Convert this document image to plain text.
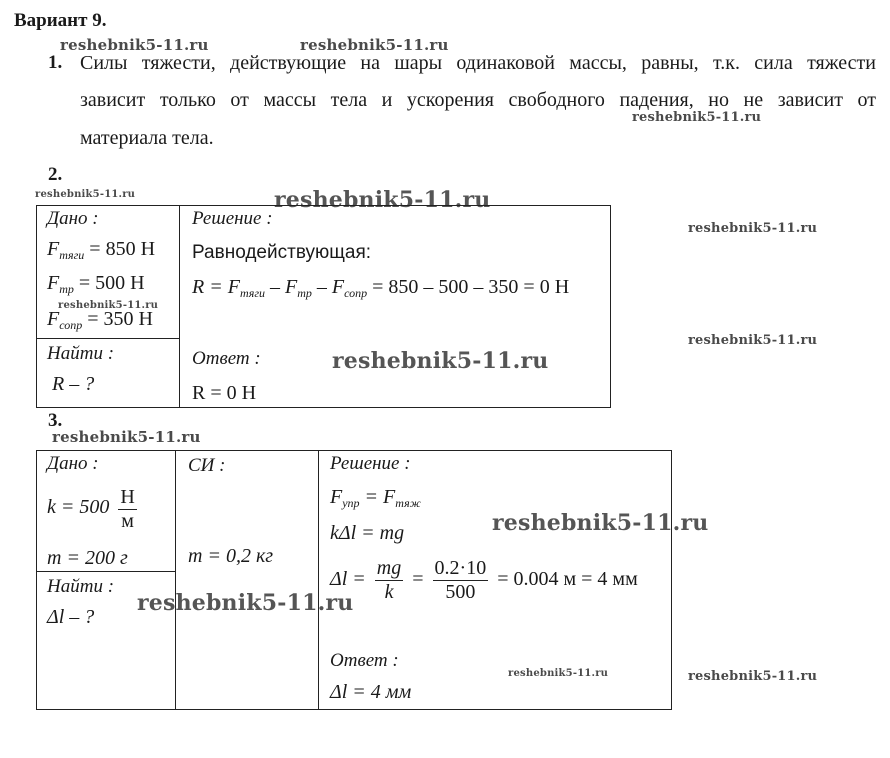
Вариант 9.
reshebnik5-11.ru	reshebnik5-11.ru
reshebnik5-11.ru
reshebnik5-11.ru	reshebnik5-11.ru
reshebnik5-11.ru
reshebnik5-11.ru
reshebnik5-11.ru
reshebnik5-11.ru
reshebnik5-11.ru
reshebnik5-11.ru
reshebnik5-11.ru
reshebnik5-11.ru	reshebnik5-11.ru
1. Силы тяжести, действующие на шары одинаковой массы, равны, т.к. сила тяжести
зависит только от массы тела и ускорения свободного падения, но не зависит от
материала тела.
2.
Дано :
$F_{тяги} = 850$ Н
$F_{тр} = 500$ Н
$F_{сопр} = 350$ Н
Найти :
R – ?
Решение :
Равнодействующая:
$R = F_{тяги} - F_{тр} - F_{сопр} = 850 - 500 - 350 = 0$ Н
Ответ :
R = 0 Н
3.
Дано :
$k = 500 \frac{Н}{м}$
m = 200 г
Найти :
Δl – ?
СИ :
m = 0,2 кг
Решение :
$F_{упр} = F_{тяж}$
kΔl = mg
$\Delta l = \frac{mg}{k} = \frac{0.2\cdot 10}{500} = 0.004$ м = 4 мм
Ответ :
Δl = 4 мм
